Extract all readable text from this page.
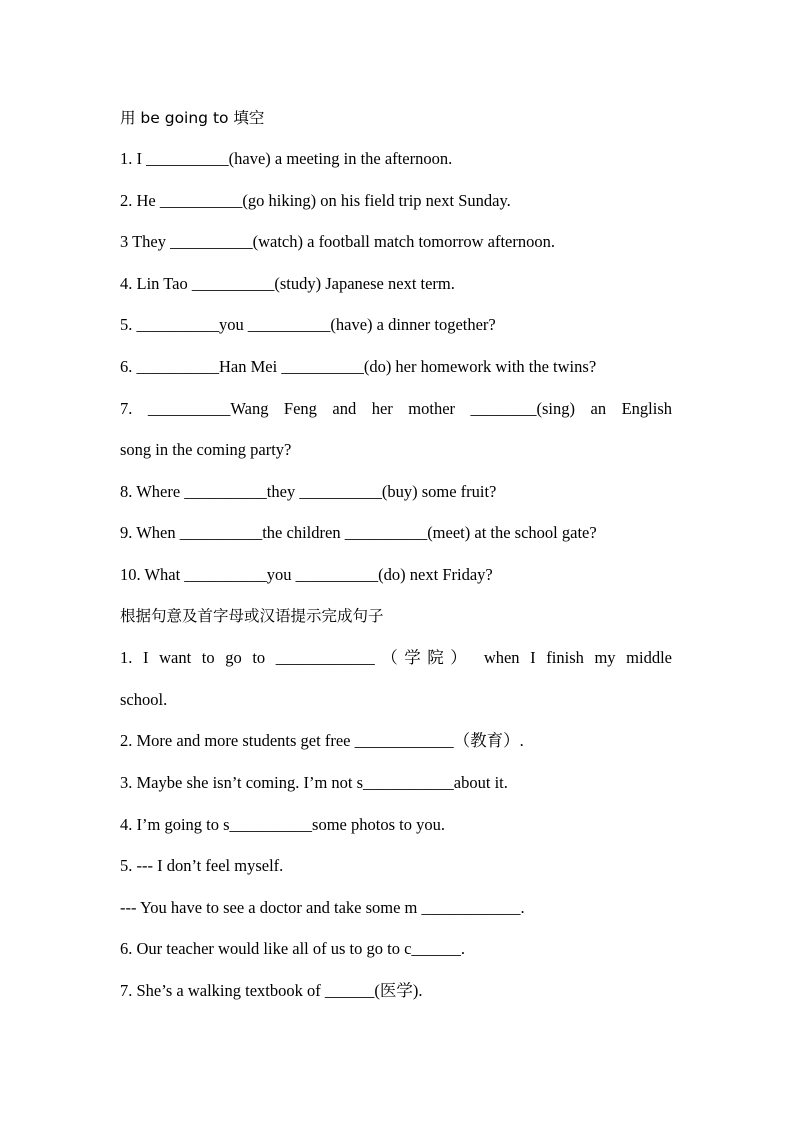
用 be going to 填空
1. I __________(have) a meeting in the afternoon.
2. He __________(go hiking) on his field trip next Sunday.
3 They __________(watch) a football match tomorrow afternoon.
4. Lin Tao __________(study) Japanese next term.
5. __________you __________(have) a dinner together?
6. __________Han Mei __________(do) her homework with the twins?
7. __________Wang Feng and her mother ________(sing) an English
song in the coming party?
8. Where __________they __________(buy) some fruit?
9. When __________the children __________(meet) at the school gate?
10. What __________you __________(do) next Friday?
根据句意及首字母或汉语提示完成句子
1. I want to go to ____________（学院） when I finish my middle
school.
2. More and more students get free ____________（教育）.
3. Maybe she isn’t coming. I’m not s___________about it.
4. I’m going to s__________some photos to you.
5. --- I don’t feel myself.
--- You have to see a doctor and take some m ____________.
6. Our teacher would like all of us to go to c______.
7. She’s a walking textbook of ______(医学).
